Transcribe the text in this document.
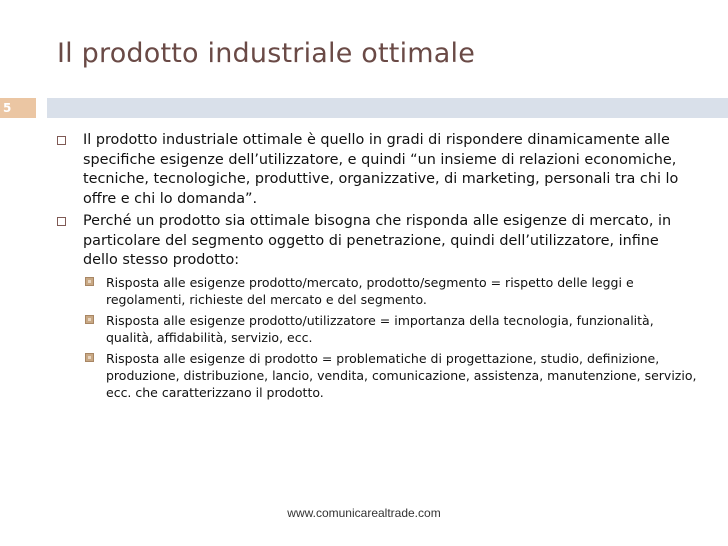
Il prodotto industriale ottimale
5
Il prodotto industriale ottimale è quello in gradi di rispondere dinamicamente alle specifiche esigenze dell’utilizzatore, e quindi “un insieme di relazioni economiche, tecniche, tecnologiche, produttive, organizzative, di marketing, personali tra chi lo offre e chi lo domanda”.
Perché un prodotto sia ottimale bisogna che risponda alle esigenze di mercato, in particolare del segmento oggetto di penetrazione, quindi dell’utilizzatore, infine dello stesso prodotto:
Risposta alle esigenze prodotto/mercato, prodotto/segmento = rispetto delle leggi e regolamenti, richieste del mercato e del segmento.
Risposta alle esigenze prodotto/utilizzatore = importanza della tecnologia, funzionalità, qualità, affidabilità, servizio, ecc.
Risposta alle esigenze di prodotto = problematiche di progettazione, studio, definizione, produzione, distribuzione, lancio, vendita, comunicazione, assistenza, manutenzione, servizio, ecc. che caratterizzano il prodotto.
www.comunicarealtrade.com
